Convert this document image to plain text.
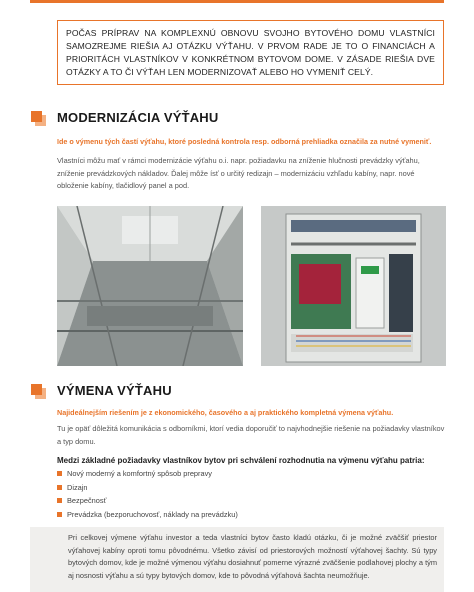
POČAS PRÍPRAV NA KOMPLEXNÚ OBNOVU SVOJHO BYTOVÉHO DOMU VLASTNÍCI SAMOZREJME RIEŠIA AJ OTÁZKU VÝŤAHU. V PRVOM RADE JE TO O FINANCIÁCH A PRIORITÁCH VLASTNÍKOV V KONKRÉTNOM BYTOVOM DOME. V ZÁSADE RIEŠIA DVE OTÁZKY A TO ČI VÝŤAH LEN MODERNIZOVAŤ ALEBO HO VYMENIŤ CELÝ.
MODERNIZÁCIA VÝŤAHU
Ide o výmenu tých častí výťahu, ktoré posledná kontrola resp. odborná prehliadka označila za nutné vymeniť.
Vlastníci môžu mať v rámci modernizácie výťahu o.i. napr. požiadavku na zníženie hlučnosti prevádzky výťahu, zníženie prevádzkových nákladov. Ďalej môže ísť o určitý redizajn – modernizáciu vzhľadu kabíny, napr. nové obloženie kabíny, tlačidlový panel a pod.
VÝMENA VÝŤAHU
Najideálnejším riešením je z ekonomického, časového a aj praktického kompletná výmena výťahu.
Tu je opäť dôležitá komunikácia s odborníkmi, ktorí vedia doporučiť to najvhodnejšie riešenie na požiadavky vlastníkov a typ domu.
Medzi základné požiadavky vlastníkov bytov pri schválení rozhodnutia na výmenu výťahu patria:
Nový moderný a komfortný spôsob prepravy
Dizajn
Bezpečnosť
Prevádzka (bezporuchovosť, náklady na prevádzku)
Pri celkovej výmene výťahu investor a teda vlastníci bytov často kladú otázku, či je možné zväčšiť priestor výťahovej kabíny oproti tomu pôvodnému. Všetko závisí od priestorových možností výťahovej šachty. Sú typy bytových domov, kde je možné výmenou výťahu dosiahnuť pomerne výrazné zväčšenie podlahovej plochy a tým aj nosnosti výťahu a sú typy bytových domov, kde to pôvodná výťahová šachta neumožňuje.
